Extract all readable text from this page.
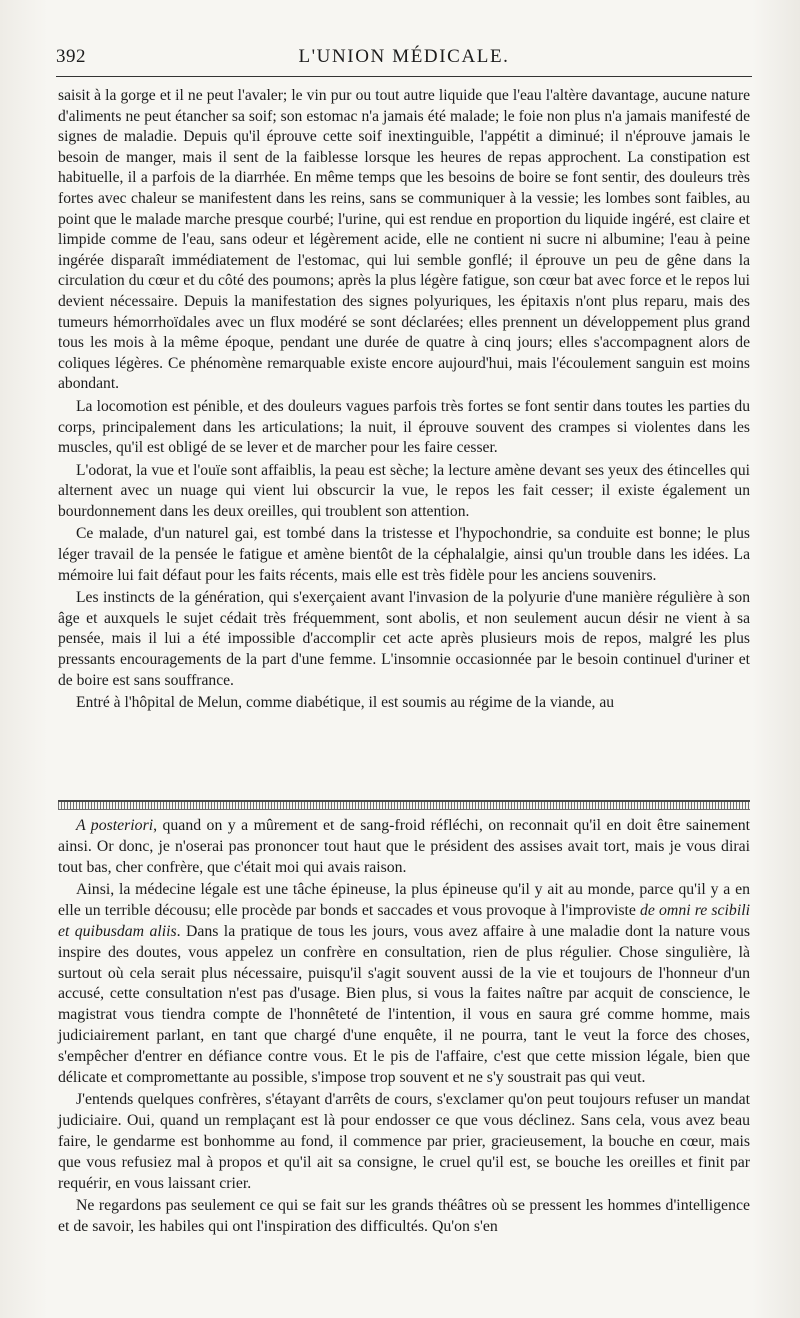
392	L'UNION MÉDICALE.

saisit à la gorge et il ne peut l'avaler; le vin pur ou tout autre liquide que l'eau l'altère davantage, aucune nature d'aliments ne peut étancher sa soif; son estomac n'a jamais été malade; le foie non plus n'a jamais manifesté de signes de maladie. Depuis qu'il éprouve cette soif inextinguible, l'appétit a diminué; il n'éprouve jamais le besoin de manger, mais il sent de la faiblesse lorsque les heures de repas approchent. La constipation est habituelle, il a parfois de la diarrhée. En même temps que les besoins de boire se font sentir, des douleurs très fortes avec chaleur se manifestent dans les reins, sans se communiquer à la vessie; les lombes sont faibles, au point que le malade marche presque courbé; l'urine, qui est rendue en proportion du liquide ingéré, est claire et limpide comme de l'eau, sans odeur et légèrement acide, elle ne contient ni sucre ni albumine; l'eau à peine ingérée disparaît immédiatement de l'estomac, qui lui semble gonflé; il éprouve un peu de gêne dans la circulation du cœur et du côté des poumons; après la plus légère fatigue, son cœur bat avec force et le repos lui devient nécessaire. Depuis la manifestation des signes polyuriques, les épitaxis n'ont plus reparu, mais des tumeurs hémorrhoïdales avec un flux modéré se sont déclarées; elles prennent un développement plus grand tous les mois à la même époque, pendant une durée de quatre à cinq jours; elles s'accompagnent alors de coliques légères. Ce phénomène remarquable existe encore aujourd'hui, mais l'écoulement sanguin est moins abondant.

La locomotion est pénible, et des douleurs vagues parfois très fortes se font sentir dans toutes les parties du corps, principalement dans les articulations; la nuit, il éprouve souvent des crampes si violentes dans les muscles, qu'il est obligé de se lever et de marcher pour les faire cesser.

L'odorat, la vue et l'ouïe sont affaiblis, la peau est sèche; la lecture amène devant ses yeux des étincelles qui alternent avec un nuage qui vient lui obscurcir la vue, le repos les fait cesser; il existe également un bourdonnement dans les deux oreilles, qui troublent son attention.

Ce malade, d'un naturel gai, est tombé dans la tristesse et l'hypochondrie, sa conduite est bonne; le plus léger travail de la pensée le fatigue et amène bientôt de la céphalalgie, ainsi qu'un trouble dans les idées. La mémoire lui fait défaut pour les faits récents, mais elle est très fidèle pour les anciens souvenirs.

Les instincts de la génération, qui s'exerçaient avant l'invasion de la polyurie d'une manière régulière à son âge et auxquels le sujet cédait très fréquemment, sont abolis, et non seulement aucun désir ne vient à sa pensée, mais il lui a été impossible d'accomplir cet acte après plusieurs mois de repos, malgré les plus pressants encouragements de la part d'une femme. L'insomnie occasionnée par le besoin continuel d'uriner et de boire est sans souffrance.

Entré à l'hôpital de Melun, comme diabétique, il est soumis au régime de la viande, au

A posteriori, quand on y a mûrement et de sang-froid réfléchi, on reconnait qu'il en doit être sainement ainsi. Or donc, je n'oserai pas prononcer tout haut que le président des assises avait tort, mais je vous dirai tout bas, cher confrère, que c'était moi qui avais raison.

Ainsi, la médecine légale est une tâche épineuse, la plus épineuse qu'il y ait au monde, parce qu'il y a en elle un terrible décousu; elle procède par bonds et saccades et vous provoque à l'improviste de omni re scibili et quibusdam aliis. Dans la pratique de tous les jours, vous avez affaire à une maladie dont la nature vous inspire des doutes, vous appelez un confrère en consultation, rien de plus régulier. Chose singulière, là surtout où cela serait plus nécessaire, puisqu'il s'agit souvent aussi de la vie et toujours de l'honneur d'un accusé, cette consultation n'est pas d'usage. Bien plus, si vous la faites naître par acquit de conscience, le magistrat vous tiendra compte de l'honnêteté de l'intention, il vous en saura gré comme homme, mais judiciairement parlant, en tant que chargé d'une enquête, il ne pourra, tant le veut la force des choses, s'empêcher d'entrer en défiance contre vous. Et le pis de l'affaire, c'est que cette mission légale, bien que délicate et compromettante au possible, s'impose trop souvent et ne s'y soustrait pas qui veut.

J'entends quelques confrères, s'étayant d'arrêts de cours, s'exclamer qu'on peut toujours refuser un mandat judiciaire. Oui, quand un remplaçant est là pour endosser ce que vous déclinez. Sans cela, vous avez beau faire, le gendarme est bonhomme au fond, il commence par prier, gracieusement, la bouche en cœur, mais que vous refusiez mal à propos et qu'il ait sa consigne, le cruel qu'il est, se bouche les oreilles et finit par requérir, en vous laissant crier.

Ne regardons pas seulement ce qui se fait sur les grands théâtres où se pressent les hommes d'intelligence et de savoir, les habiles qui ont l'inspiration des difficultés. Qu'on s'en
